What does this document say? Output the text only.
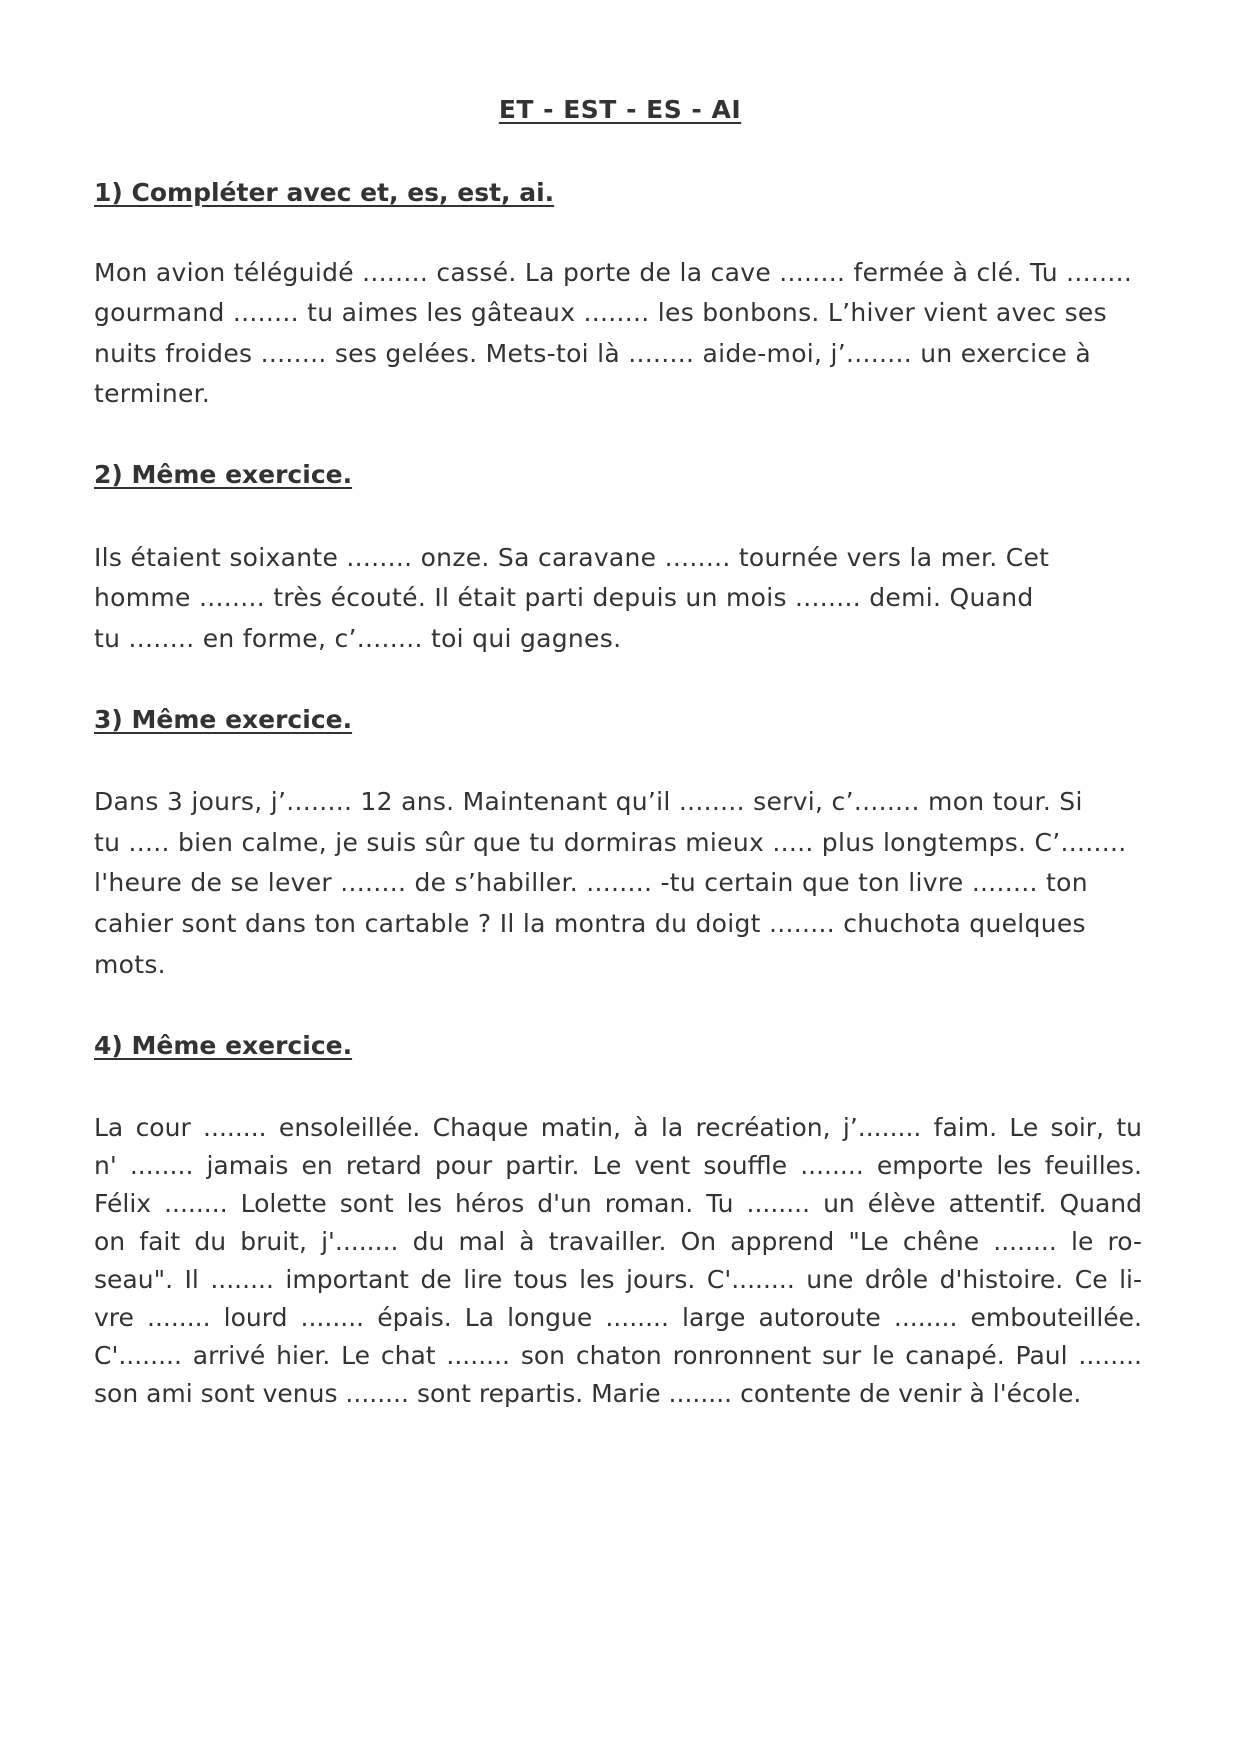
ET - EST - ES - AI
1) Compléter avec et, es, est, ai.
Mon avion téléguidé ........ cassé. La porte de la cave ........ fermée à clé. Tu ........
gourmand ........ tu aimes les gâteaux ........ les bonbons. L’hiver vient avec ses
nuits froides ........ ses gelées. Mets-toi là ........ aide-moi, j’........ un exercice à
terminer.
2) Même exercice.
Ils étaient soixante ........ onze. Sa caravane ........ tournée vers la mer. Cet
homme ........ très écouté. Il était parti depuis un mois ........ demi. Quand
tu ........ en forme, c’........ toi qui gagnes.
3) Même exercice.
Dans 3 jours, j’........ 12 ans. Maintenant qu’il ........ servi, c’........ mon tour. Si
tu ..... bien calme, je suis sûr que tu dormiras mieux ..... plus longtemps. C’........
l'heure de se lever ........ de s’habiller. ........ -tu certain que ton livre ........ ton
cahier sont dans ton cartable ? Il la montra du doigt ........ chuchota quelques
mots.
4) Même exercice.
La cour ........ ensoleillée. Chaque matin, à la recréation, j’........ faim. Le soir, tu
n' ........ jamais en retard pour partir. Le vent souffle ........ emporte les feuilles.
Félix ........ Lolette sont les héros d'un roman. Tu ........ un élève attentif. Quand
on fait du bruit, j'........ du mal à travailler. On apprend "Le chêne ........ le ro-
seau". Il ........ important de lire tous les jours. C'........ une drôle d'histoire. Ce li-
vre ........ lourd ........ épais. La longue ........ large autoroute ........ embouteillée.
C'........ arrivé hier. Le chat ........ son chaton ronronnent sur le canapé. Paul ........
son ami sont venus ........ sont repartis. Marie ........ contente de venir à l'école.
